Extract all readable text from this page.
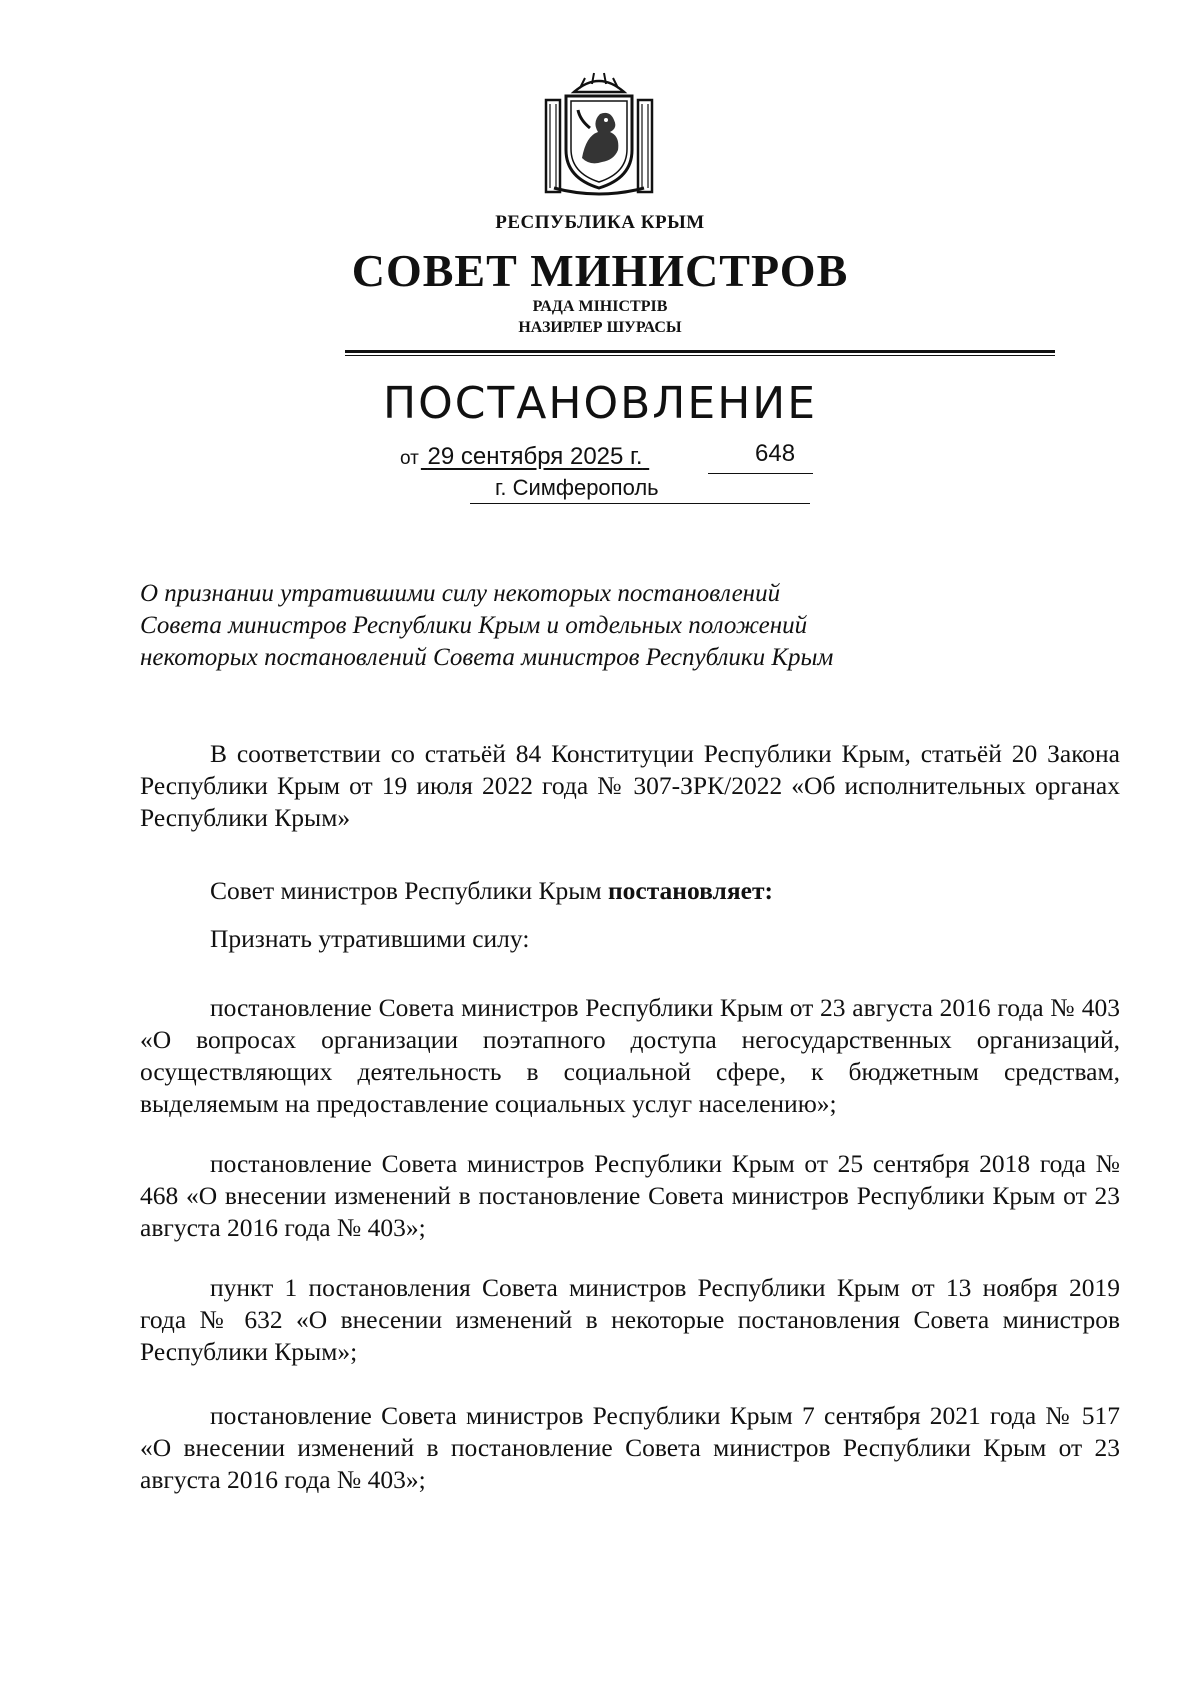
РЕСПУБЛИКА КРЫМ
СОВЕТ МИНИСТРОВ
РАДА МІНІСТРІВ
НАЗИРЛЕР ШУРАСЫ
ПОСТАНОВЛЕНИЕ
от 29 сентября 2025 г.	648
г. Симферополь
О признании утратившими силу некоторых постановлений
Совета министров Республики Крым и отдельных положений
некоторых постановлений Совета министров Республики Крым
В соответствии со статьёй 84 Конституции Республики Крым, статьёй 20 Закона Республики Крым от 19 июля 2022 года № 307-ЗРК/2022 «Об исполнительных органах Республики Крым»
Совет министров Республики Крым постановляет:
Признать утратившими силу:
постановление Совета министров Республики Крым от 23 августа 2016 года № 403 «О вопросах организации поэтапного доступа негосударственных организаций, осуществляющих деятельность в социальной сфере, к бюджетным средствам, выделяемым на предоставление социальных услуг населению»;
постановление Совета министров Республики Крым от 25 сентября 2018 года № 468 «О внесении изменений в постановление Совета министров Республики Крым от 23 августа 2016 года № 403»;
пункт 1 постановления Совета министров Республики Крым от 13 ноября 2019 года № 632 «О внесении изменений в некоторые постановления Совета министров Республики Крым»;
постановление Совета министров Республики Крым 7 сентября 2021 года № 517 «О внесении изменений в постановление Совета министров Республики Крым от 23 августа 2016 года № 403»;
